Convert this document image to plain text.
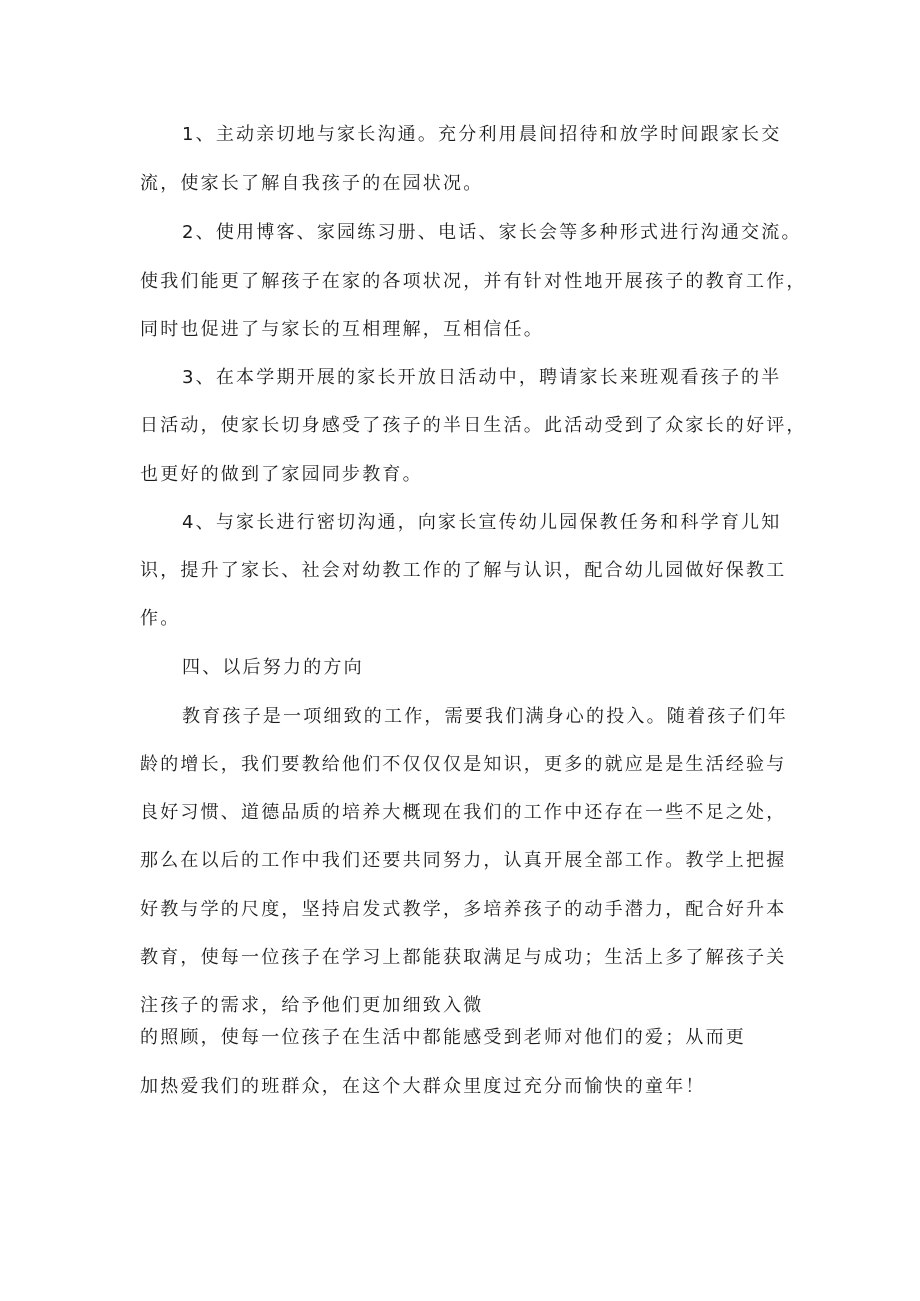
1、主动亲切地与家长沟通。充分利用晨间招待和放学时间跟家长交
流，使家长了解自我孩子的在园状况。
2、使用博客、家园练习册、电话、家长会等多种形式进行沟通交流。
使我们能更了解孩子在家的各项状况，并有针对性地开展孩子的教育工作，
同时也促进了与家长的互相理解，互相信任。
3、在本学期开展的家长开放日活动中，聘请家长来班观看孩子的半
日活动，使家长切身感受了孩子的半日生活。此活动受到了众家长的好评，
也更好的做到了家园同步教育。
4、与家长进行密切沟通，向家长宣传幼儿园保教任务和科学育儿知
识，提升了家长、社会对幼教工作的了解与认识，配合幼儿园做好保教工
作。
四、以后努力的方向
教育孩子是一项细致的工作，需要我们满身心的投入。随着孩子们年
龄的增长，我们要教给他们不仅仅仅是知识，更多的就应是是生活经验与
良好习惯、道德品质的培养大概现在我们的工作中还存在一些不足之处，
那么在以后的工作中我们还要共同努力，认真开展全部工作。教学上把握
好教与学的尺度，坚持启发式教学，多培养孩子的动手潜力，配合好升本
教育，使每一位孩子在学习上都能获取满足与成功；生活上多了解孩子关
注孩子的需求，给予他们更加细致入微
的照顾，使每一位孩子在生活中都能感受到老师对他们的爱；从而更
加热爱我们的班群众，在这个大群众里度过充分而愉快的童年！
